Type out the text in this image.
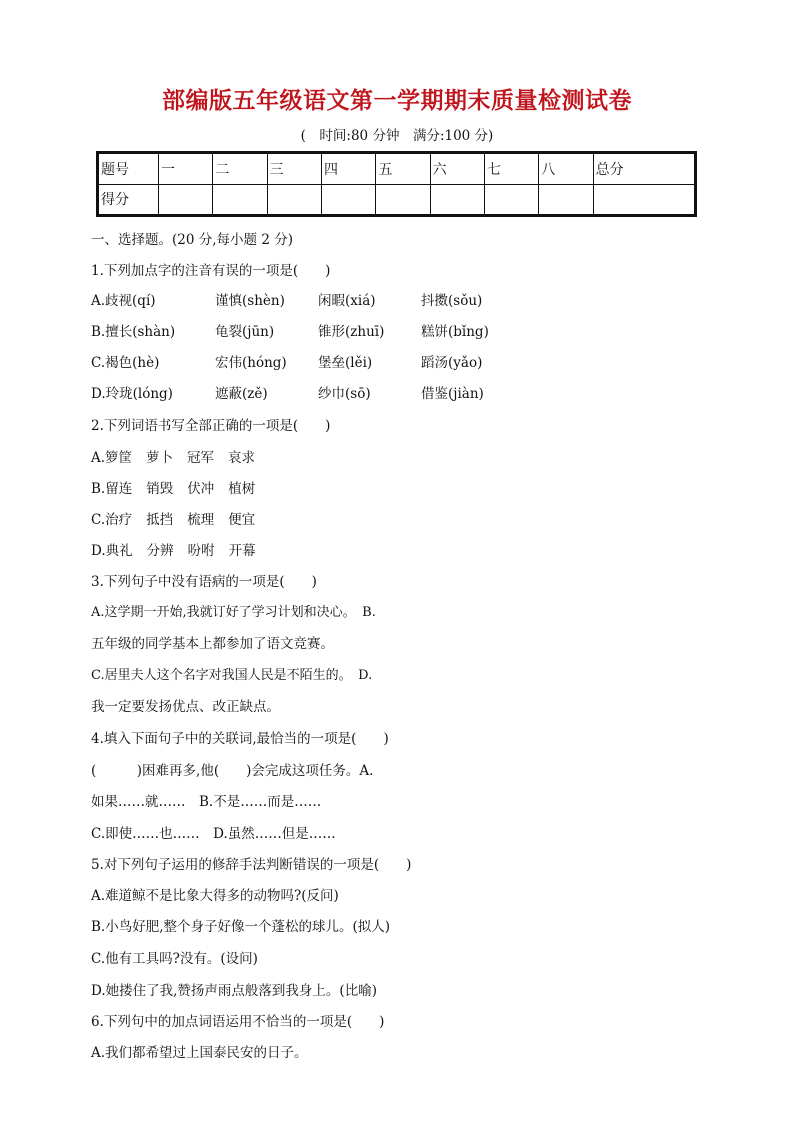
部编版五年级语文第一学期期末质量检测试卷
(　时间:80 分钟　满分:100 分)
题号	一	二	三	四	五	六	七	八	总分
得分									
一、选择题。(20 分,每小题 2 分)
1.下列加点字的注音有误的一项是(　　)
A.歧视(qí)	谨慎(shèn) 闲暇(xiá)	抖擞(sǒu)
B.擅长(shàn)	龟裂(jūn)	锥形(zhuī)	糕饼(bǐng)
C.褐色(hè)	宏伟(hóng) 堡垒(lěi)	蹈汤(yǎo)
D.玲珑(lóng)	遮蔽(zě)	纱巾(sō)	借鉴(jiàn)
2.下列词语书写全部正确的一项是(　　)
A.箩筐 萝卜 冠军 哀求
B.留连 销毁 伏冲 植树
C.治疗 抵挡 梳理 便宜
D.典礼 分辨 吩咐 开幕
3.下列句子中没有语病的一项是(　　)
A.这学期一开始,我就订好了学习计划和决心。　B.
五年级的同学基本上都参加了语文竞赛。
C.居里夫人这个名字对我国人民是不陌生的。　D.
我一定要发扬优点、改正缺点。
4.填入下面句子中的关联词,最恰当的一项是(　　)
(　　　)困难再多,他(　　)会完成这项任务。A.
如果……就……　B.不是……而是……
C.即使……也……　D.虽然……但是……
5.对下列句子运用的修辞手法判断错误的一项是(　　)
A.难道鲸不是比象大得多的动物吗?(反问)
B.小鸟好肥,整个身子好像一个蓬松的球儿。(拟人)
C.他有工具吗?没有。(设问)
D.她搂住了我,赞扬声雨点般落到我身上。(比喻)
6.下列句中的加点词语运用不恰当的一项是(　　)
A.我们都希望过上国泰民安的日子。
